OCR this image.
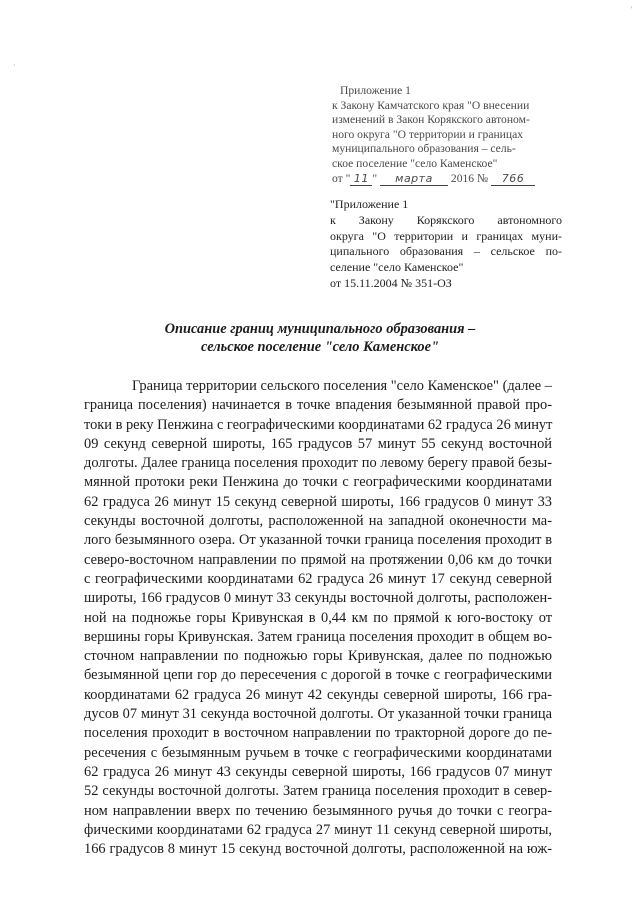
·
'
Приложение 1
к Закону Камчатского края "О внесении
изменений в Закон Корякского автоном-
ного округа "О территории и границах
муниципального образования – сель-
ское поселение "село Каменское"
от " 11 " марта 2016 № 766
"Приложение 1
к Закону Корякского автономного
округа "О территории и границах муни-
ципального образования – сельское по-
селение "село Каменское"
от 15.11.2004 № 351-ОЗ
Описание границ муниципального образования –
сельское поселение "село Каменское"
Граница территории сельского поселения "село Каменское" (далее –
граница поселения) начинается в точке впадения безымянной правой про-
токи в реку Пенжина с географическими координатами 62 градуса 26 минут
09 секунд северной широты, 165 градусов 57 минут 55 секунд восточной
долготы. Далее граница поселения проходит по левому берегу правой безы-
мянной протоки реки Пенжина до точки с географическими координатами
62 градуса 26 минут 15 секунд северной широты, 166 градусов 0 минут 33
секунды восточной долготы, расположенной на западной оконечности ма-
лого безымянного озера. От указанной точки граница поселения проходит в
северо-восточном направлении по прямой на протяжении 0,06 км до точки
с географическими координатами 62 градуса 26 минут 17 секунд северной
широты, 166 градусов 0 минут 33 секунды восточной долготы, расположен-
ной на подножье горы Кривунская в 0,44 км по прямой к юго-востоку от
вершины горы Кривунская. Затем граница поселения проходит в общем во-
сточном направлении по подножью горы Кривунская, далее по подножью
безымянной цепи гор до пересечения с дорогой в точке с географическими
координатами 62 градуса 26 минут 42 секунды северной широты, 166 гра-
дусов 07 минут 31 секунда восточной долготы. От указанной точки граница
поселения проходит в восточном направлении по тракторной дороге до пе-
ресечения с безымянным ручьем в точке с географическими координатами
62 градуса 26 минут 43 секунды северной широты, 166 градусов 07 минут
52 секунды восточной долготы. Затем граница поселения проходит в север-
ном направлении вверх по течению безымянного ручья до точки с геогра-
фическими координатами 62 градуса 27 минут 11 секунд северной широты,
166 градусов 8 минут 15 секунд восточной долготы, расположенной на юж-
